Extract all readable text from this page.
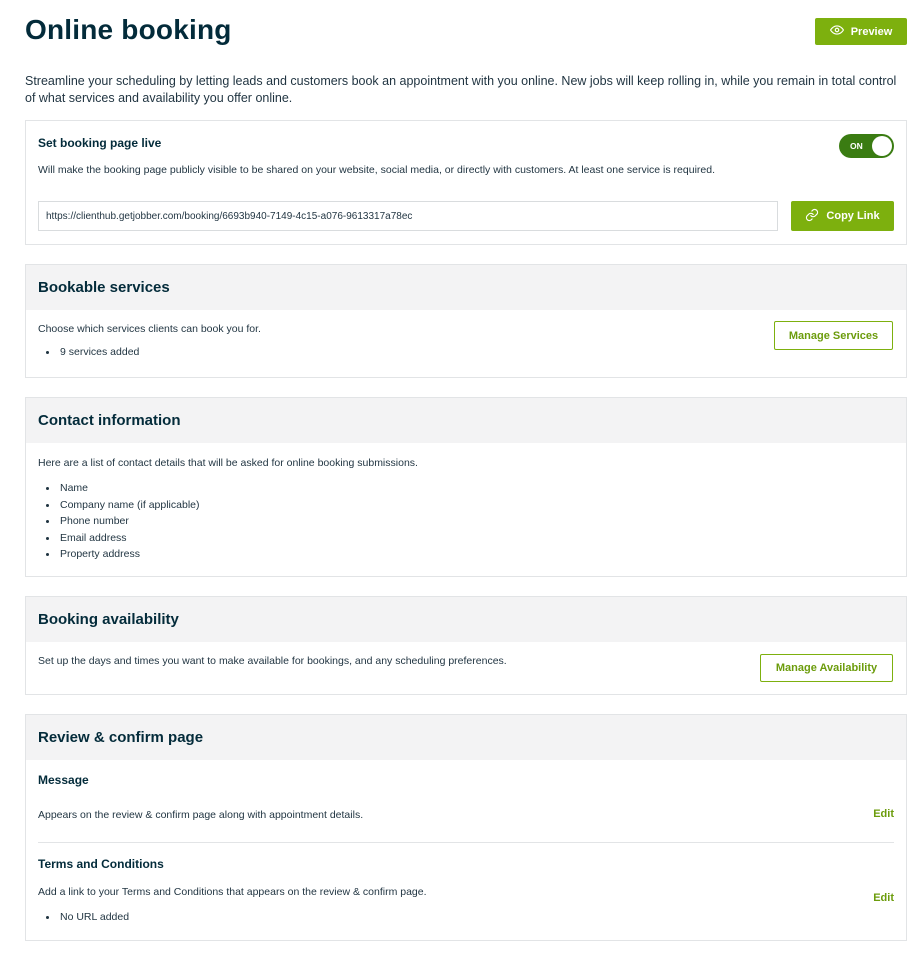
Online booking	Preview

Streamline your scheduling by letting leads and customers book an appointment with you online. New jobs will keep rolling in, while you remain in total control of what services and availability you offer online.

Set booking page live
Will make the booking page publicly visible to be shared on your website, social media, or directly with customers. At least one service is required.
ON
https://clienthub.getjobber.com/booking/6693b940-7149-4c15-a076-9613317a78ec	Copy Link
Bookable services
Choose which services clients can book you for.
9 services added
Manage Services
Contact information
Here are a list of contact details that will be asked for online booking submissions.
Name
Company name (if applicable)
Phone number
Email address
Property address
Booking availability
Set up the days and times you want to make available for bookings, and any scheduling preferences.
Manage Availability
Review & confirm page
Message
Appears on the review & confirm page along with appointment details.	Edit
Terms and Conditions
Add a link to your Terms and Conditions that appears on the review & confirm page.
No URL added
Edit
